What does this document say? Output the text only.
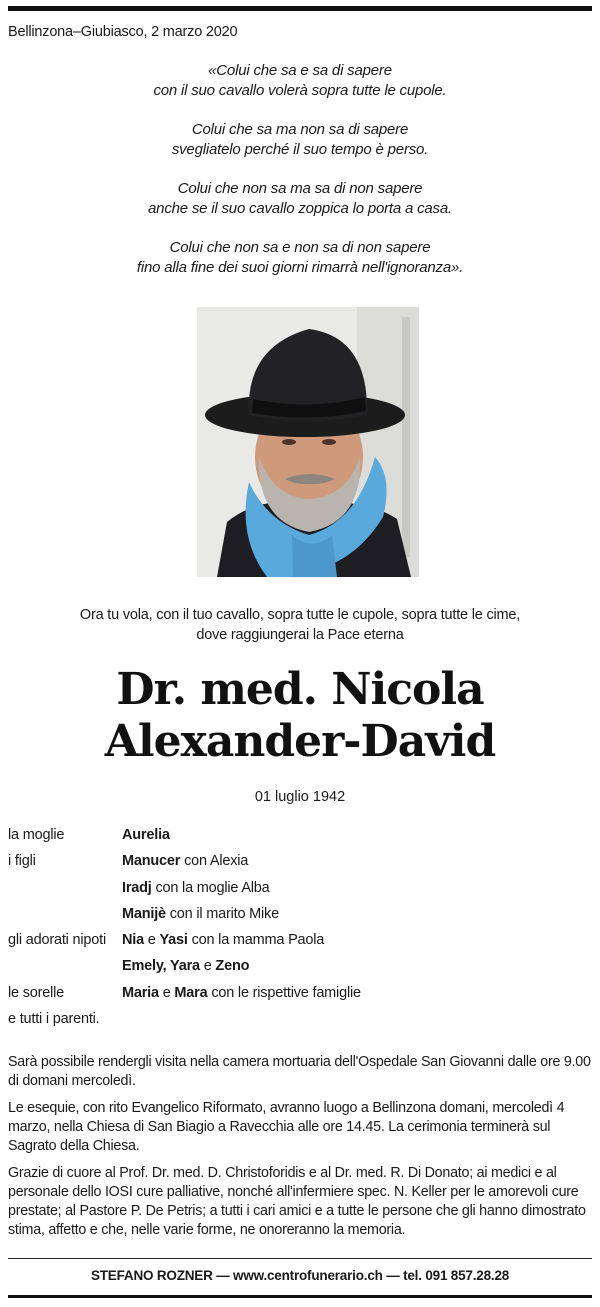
Bellinzona–Giubiasco, 2 marzo 2020
«Colui che sa e sa di sapere
con il suo cavallo volerà sopra tutte le cupole.
Colui che sa ma non sa di sapere
svegliatelo perché il suo tempo è perso.
Colui che non sa ma sa di non sapere
anche se il suo cavallo zoppica lo porta a casa.
Colui che non sa e non sa di non sapere
fino alla fine dei suoi giorni rimarrà nell'ignoranza».
Ora tu vola, con il tuo cavallo, sopra tutte le cupole, sopra tutte le cime,
dove raggiungerai la Pace eterna
Dr. med. Nicola
Alexander-David
01 luglio 1942
la moglie	Aurelia
i figli	Manucer con Alexia
Iradj con la moglie Alba
Manijè con il marito Mike
gli adorati nipoti	Nia e Yasi con la mamma Paola
Emely, Yara e Zeno
le sorelle	Maria e Mara con le rispettive famiglie
e tutti i parenti.

Sarà possibile rendergli visita nella camera mortuaria dell'Ospedale San Giovanni dalle ore 9.00 di domani mercoledì.

Le esequie, con rito Evangelico Riformato, avranno luogo a Bellinzona domani, mercoledì 4 marzo, nella Chiesa di San Biagio a Ravecchia alle ore 14.45. La cerimonia terminerà sul Sagrato della Chiesa.

Grazie di cuore al Prof. Dr. med. D. Christoforidis e al Dr. med. R. Di Donato; ai medici e al personale dello IOSI cure palliative, nonché all'infermiere spec. N. Keller per le amorevoli cure prestate; al Pastore P. De Petris; a tutti i cari amici e a tutte le persone che gli hanno dimostrato stima, affetto e che, nelle varie forme, ne onoreranno la memoria.

STEFANO ROZNER — www.centrofunerario.ch — tel. 091 857.28.28
